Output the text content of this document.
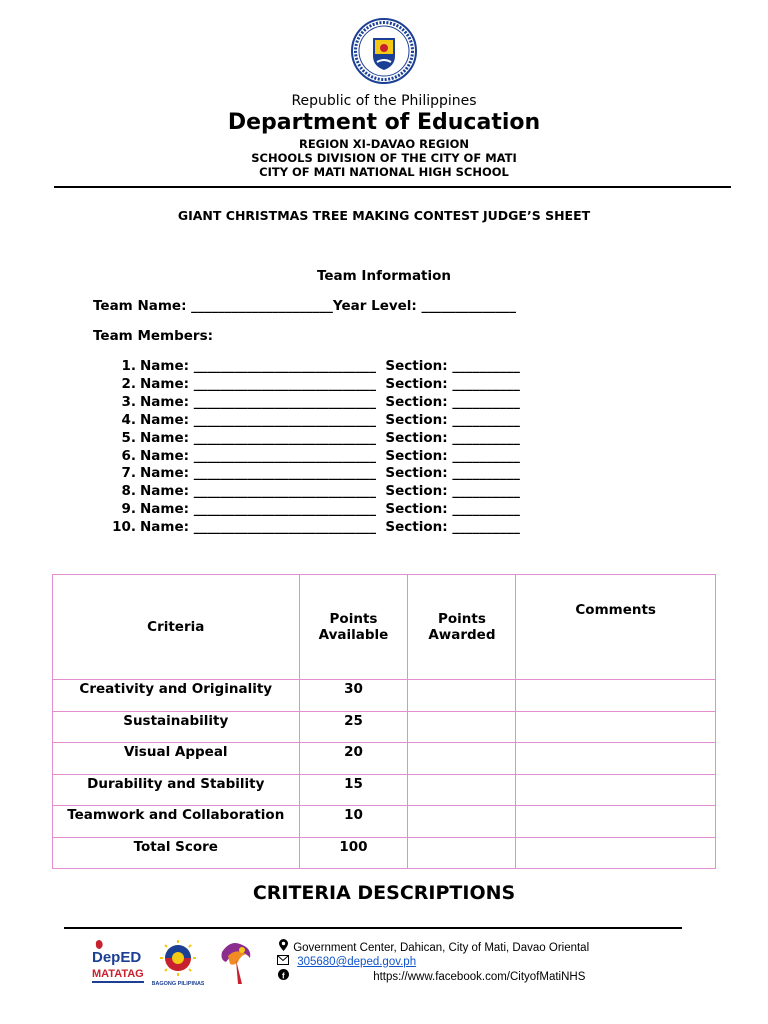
Republic of the Philippines
Department of Education
REGION XI-DAVAO REGION
SCHOOLS DIVISION OF THE CITY OF MATI
CITY OF MATI NATIONAL HIGH SCHOOL
GIANT CHRISTMAS TREE MAKING CONTEST JUDGE’S SHEET
Team Information
Team Name: _____________________Year Level: ______________
Team Members:
1. Name: ___________________________  Section: __________
2. Name: ___________________________  Section: __________
3. Name: ___________________________  Section: __________
4. Name: ___________________________  Section: __________
5. Name: ___________________________  Section: __________
6. Name: ___________________________  Section: __________
7. Name: ___________________________  Section: __________
8. Name: ___________________________  Section: __________
9. Name: ___________________________  Section: __________
10. Name: ___________________________  Section: __________
Criteria	Points Available	Points Awarded	Comments
Creativity and Originality	30		
Sustainability	25		
Visual Appeal	20		
Durability and Stability	15		
Teamwork and Collaboration	10		
Total Score	100		
CRITERIA DESCRIPTIONS
DepED
MATATAG
BAGONG PILIPINAS
Government Center, Dahican, City of Mati, Davao Oriental
305680@deped.gov.ph
f	https://www.facebook.com/CityofMatiNHS
